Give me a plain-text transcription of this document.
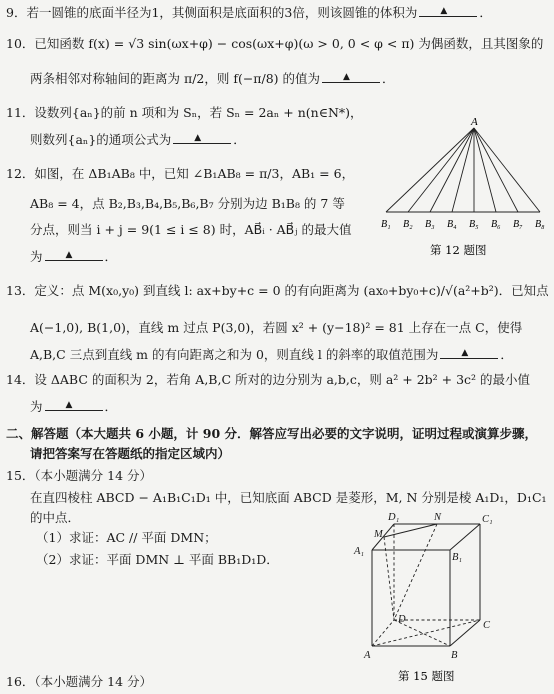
9．若一圆锥的底面半径为1，其侧面积是底面积的3倍，则该圆锥的体积为 ▲	．
10．已知函数 f(x) = √3 sin(ωx+φ) − cos(ωx+φ)(ω > 0, 0 < φ < π) 为偶函数，且其图象的
两条相邻对称轴间的距离为 π/2，则 f(−π/8) 的值为 ▲	．
11．设数列{aₙ}的前 n 项和为 Sₙ，若 Sₙ = 2aₙ + n(n∈N*)，
则数列{aₙ}的通项公式为 ▲	．
12．如图，在 ΔB₁AB₈ 中，已知 ∠B₁AB₈ = π/3，AB₁ = 6，
AB₈ = 4，点 B₂,B₃,B₄,B₅,B₆,B₇ 分别为边 B₁B₈ 的 7 等
分点，则当 i + j = 9(1 ≤ i ≤ 8) 时，AB⃗ᵢ · AB⃗ⱼ 的最大值
为 ▲	．
A
B₁ B₂ B₃ B₄ B₅ B₆ B₇ B₈
第 12 题图
13．定义：点 M(x₀,y₀) 到直线 l: ax+by+c = 0 的有向距离为 (ax₀+by₀+c)/√(a²+b²)．已知点
A(−1,0), B(1,0)，直线 m 过点 P(3,0)，若圆 x² + (y−18)² = 81 上存在一点 C，使得
A,B,C 三点到直线 m 的有向距离之和为 0，则直线 l 的斜率的取值范围为 ▲	．
14．设 ΔABC 的面积为 2，若角 A,B,C 所对的边分别为 a,b,c，则 a² + 2b² + 3c² 的最小值
为 ▲	．
二、解答题（本大题共 6 小题，计 90 分．解答应写出必要的文字说明，证明过程或演算步骤，
请把答案写在答题纸的指定区域内）
15．（本小题满分 14 分）
在直四棱柱 ABCD − A₁B₁C₁D₁ 中，已知底面 ABCD 是菱形，M, N 分别是棱 A₁D₁，D₁C₁
的中点．
（1）求证：AC // 平面 DMN；
（2）求证：平面 DMN ⊥ 平面 BB₁D₁D．
D₁	N	C₁
M
A₁
B₁
D
C
A	B
第 15 题图
16．（本小题满分 14 分）
